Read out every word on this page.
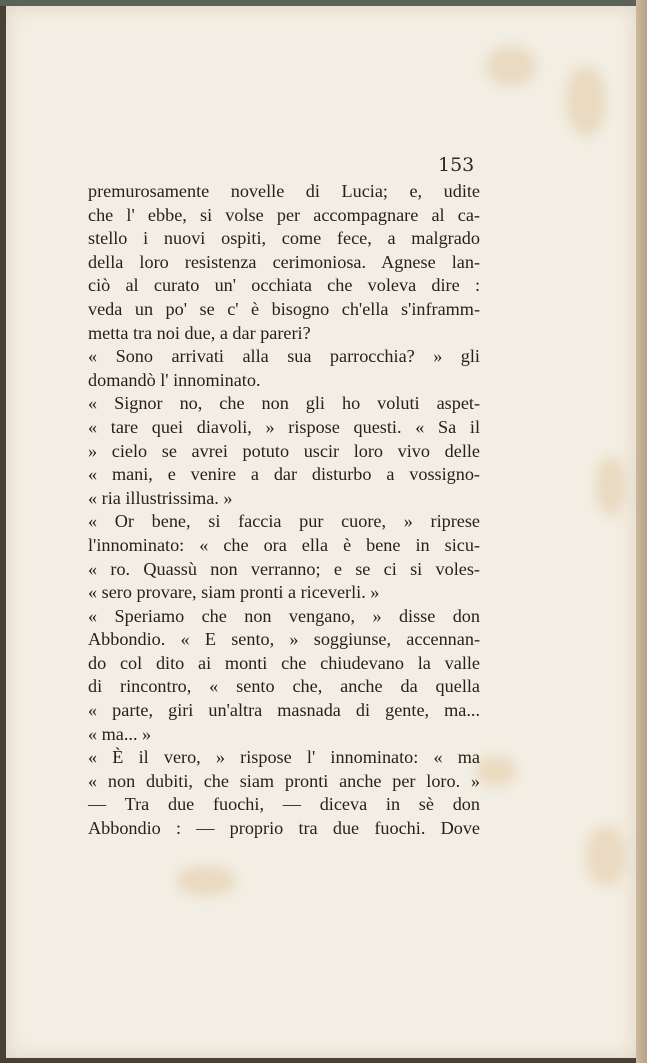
153

premurosamente novelle di Lucia; e, udite
che l' ebbe, si volse per accompagnare al ca-
stello i nuovi ospiti, come fece, a malgrado
della loro resistenza cerimoniosa. Agnese lan-
ciò al curato un' occhiata che voleva dire :
veda un po' se c' è bisogno ch'ella s'inframm-
metta tra noi due, a dar pareri?
« Sono arrivati alla sua parrocchia? » gli
domandò l' innominato.
« Signor no, che non gli ho voluti aspet-
« tare quei diavoli, » rispose questi. « Sa il
» cielo se avrei potuto uscir loro vivo delle
« mani, e venire a dar disturbo a vossigno-
« ria illustrissima. »
« Or bene, si faccia pur cuore, » riprese
l'innominato: « che ora ella è bene in sicu-
« ro. Quassù non verranno; e se ci si voles-
« sero provare, siam pronti a riceverli. »
« Speriamo che non vengano, » disse don
Abbondio. « E sento, » soggiunse, accennan-
do col dito ai monti che chiudevano la valle
di rincontro, « sento che, anche da quella
« parte, giri un'altra masnada di gente, ma...
« ma... »
« È il vero, » rispose l' innominato: « ma
« non dubiti, che siam pronti anche per loro. »
— Tra due fuochi, — diceva in sè don
Abbondio : — proprio tra due fuochi. Dove
